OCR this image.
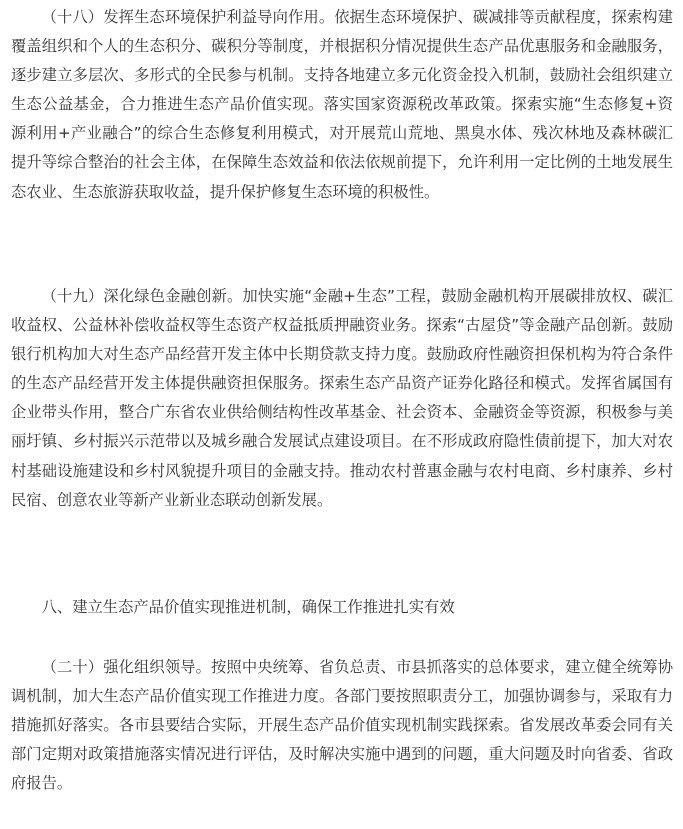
（十八）发挥生态环境保护利益导向作用。依据生态环境保护、碳减排等贡献程度，探索构建覆盖组织和个人的生态积分、碳积分等制度，并根据积分情况提供生态产品优惠服务和金融服务，逐步建立多层次、多形式的全民参与机制。支持各地建立多元化资金投入机制，鼓励社会组织建立生态公益基金，合力推进生态产品价值实现。落实国家资源税改革政策。探索实施“生态修复+资源利用+产业融合”的综合生态修复利用模式，对开展荒山荒地、黑臭水体、残次林地及森林碳汇提升等综合整治的社会主体，在保障生态效益和依法依规前提下，允许利用一定比例的土地发展生态农业、生态旅游获取收益，提升保护修复生态环境的积极性。

（十九）深化绿色金融创新。加快实施“金融+生态”工程，鼓励金融机构开展碳排放权、碳汇收益权、公益林补偿收益权等生态资产权益抵质押融资业务。探索“古屋贷”等金融产品创新。鼓励银行机构加大对生态产品经营开发主体中长期贷款支持力度。鼓励政府性融资担保机构为符合条件的生态产品经营开发主体提供融资担保服务。探索生态产品资产证券化路径和模式。发挥省属国有企业带头作用，整合广东省农业供给侧结构性改革基金、社会资本、金融资金等资源，积极参与美丽圩镇、乡村振兴示范带以及城乡融合发展试点建设项目。在不形成政府隐性债前提下，加大对农村基础设施建设和乡村风貌提升项目的金融支持。推动农村普惠金融与农村电商、乡村康养、乡村民宿、创意农业等新产业新业态联动创新发展。

八、建立生态产品价值实现推进机制，确保工作推进扎实有效

（二十）强化组织领导。按照中央统筹、省负总责、市县抓落实的总体要求，建立健全统筹协调机制，加大生态产品价值实现工作推进力度。各部门要按照职责分工，加强协调参与，采取有力措施抓好落实。各市县要结合实际，开展生态产品价值实现机制实践探索。省发展改革委会同有关部门定期对政策措施落实情况进行评估，及时解决实施中遇到的问题，重大问题及时向省委、省政府报告。
